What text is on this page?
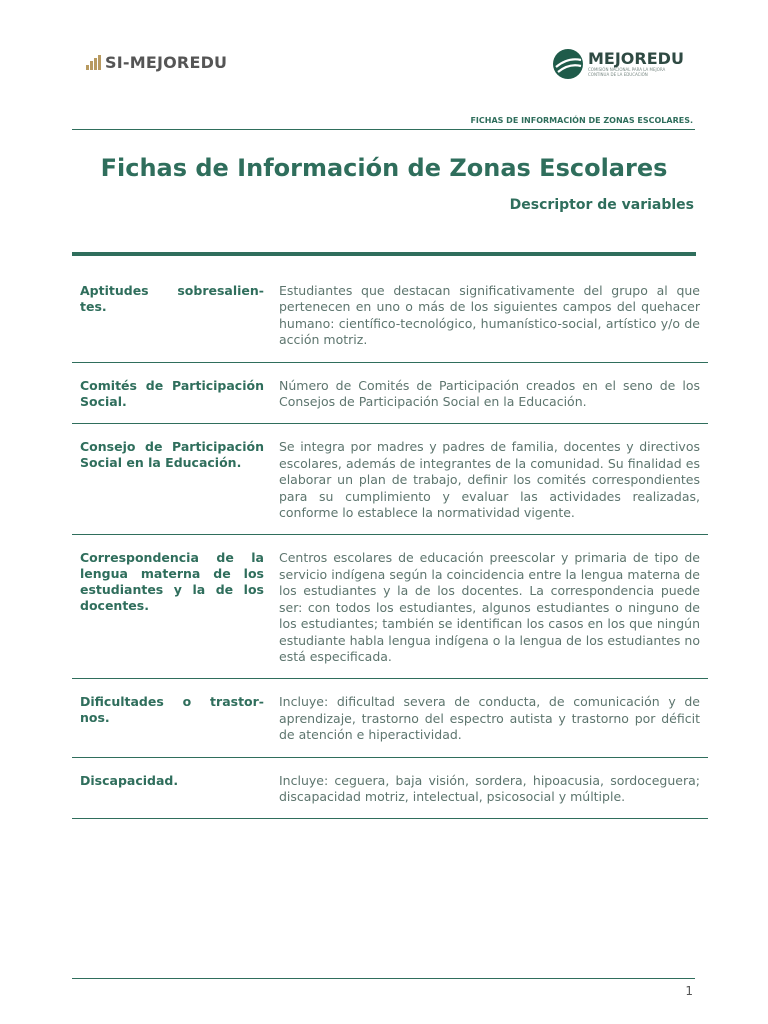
SI-MEJOREDU	MEJOREDU
COMISIÓN NACIONAL PARA LA MEJORA CONTINUA DE LA EDUCACIÓN
FICHAS DE INFORMACIÓN DE ZONAS ESCOLARES.
Fichas de Información de Zonas Escolares
Descriptor de variables
Aptitudes sobresalien-tes.
Estudiantes que destacan significativamente del grupo al que pertenecen en uno o más de los siguientes campos del quehacer humano: científico-tecnológico, humanístico-social, artístico y/o de acción motriz.
Comités de Participación Social.
Número de Comités de Participación creados en el seno de los Consejos de Participación Social en la Educación.
Consejo de Participación Social en la Educación.
Se integra por madres y padres de familia, docentes y directivos escolares, además de integrantes de la comunidad. Su finalidad es elaborar un plan de trabajo, definir los comités correspondientes para su cumplimiento y evaluar las actividades realizadas, conforme lo establece la normatividad vigente.
Correspondencia de la lengua materna de los estudiantes y la de los docentes.
Centros escolares de educación preescolar y primaria de tipo de servicio indígena según la coincidencia entre la lengua materna de los estudiantes y la de los docentes. La correspondencia puede ser: con todos los estudiantes, algunos estudiantes o ninguno de los estudiantes; también se identifican los casos en los que ningún estudiante habla lengua indígena o la lengua de los estudiantes no está especificada.
Dificultades o trastor-nos.
Incluye: dificultad severa de conducta, de comunicación y de aprendizaje, trastorno del espectro autista y trastorno por déficit de atención e hiperactividad.
Discapacidad.	Incluye: ceguera, baja visión, sordera, hipoacusia, sordoceguera; discapacidad motriz, intelectual, psicosocial y múltiple.
1
